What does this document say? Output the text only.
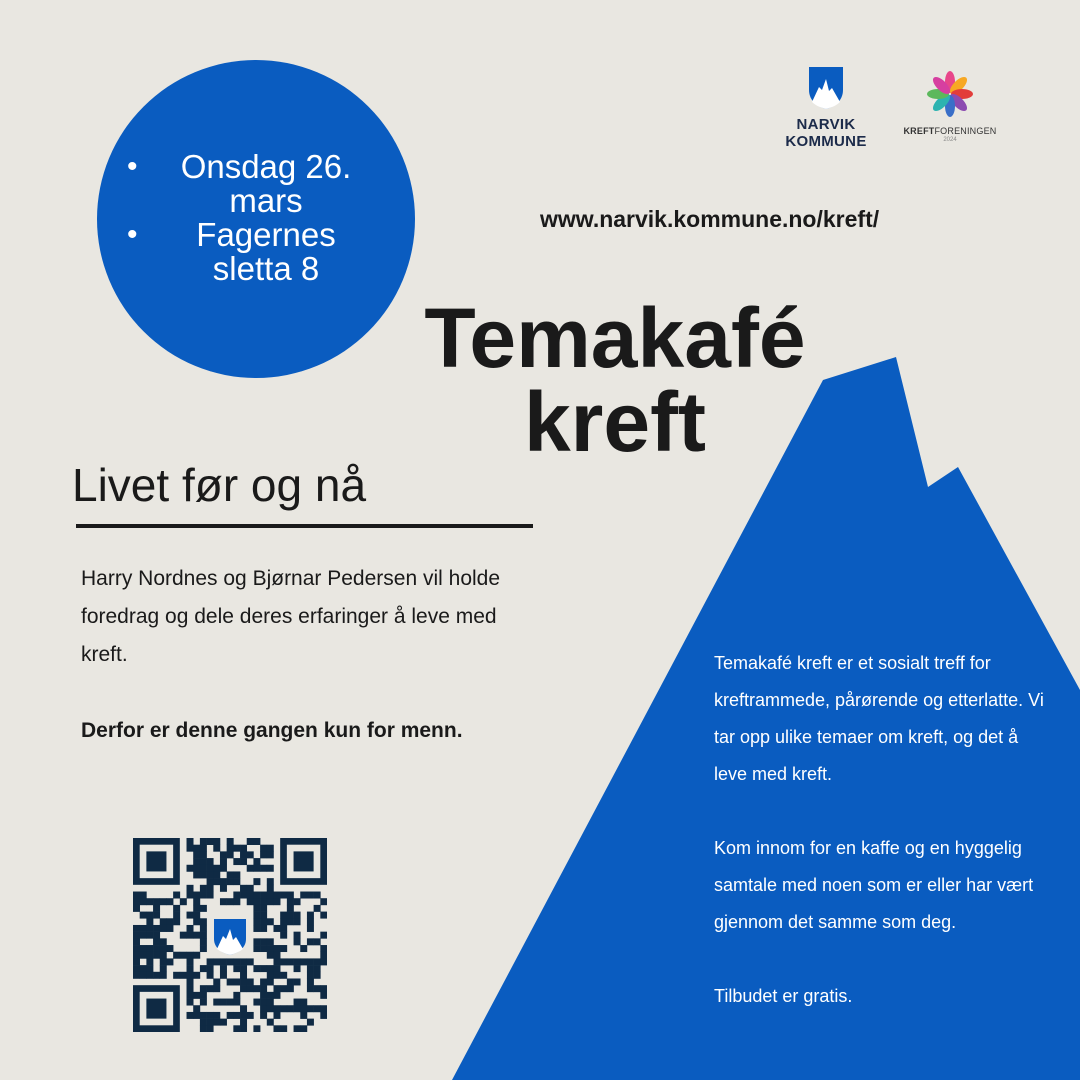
• Onsdag 26. mars
• Fagernes sletta 8
NARVIK
KOMMUNE
KREFTFORENINGEN
2024
www.narvik.kommune.no/kreft/
Temakafé
kreft
Livet før og nå

Harry Nordnes og Bjørnar Pedersen vil holde foredrag og dele deres erfaringer å leve med kreft.

Derfor er denne gangen kun for menn.

Temakafé kreft er et sosialt treff for kreftrammede, pårørende og etterlatte. Vi tar opp ulike temaer om kreft, og det å leve med kreft.

Kom innom for en kaffe og en hyggelig samtale med noen som er eller har vært gjennom det samme som deg.

Tilbudet er gratis.
